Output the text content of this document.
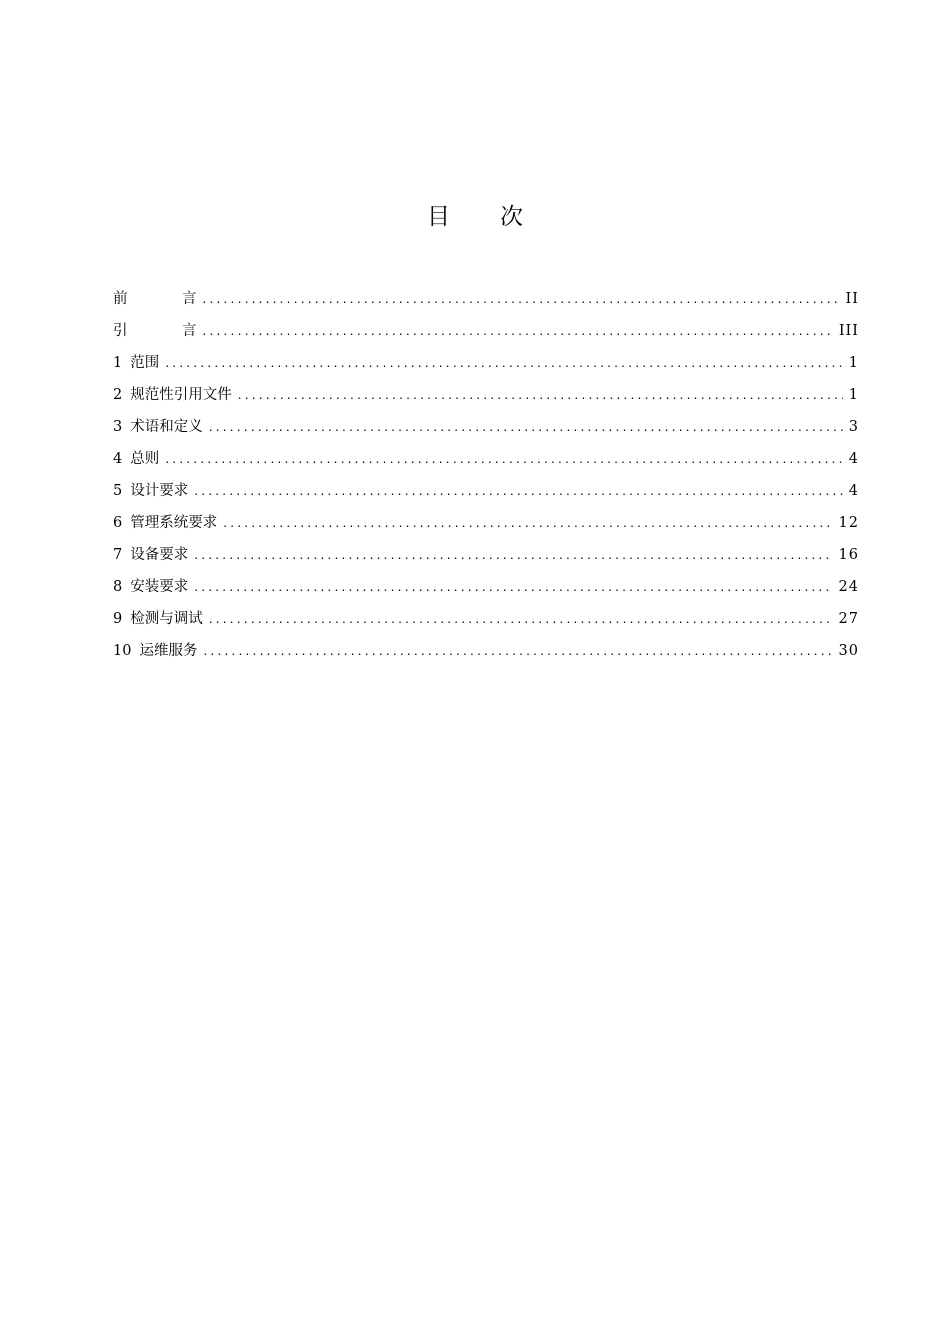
目 次
前	言 .....	II
引	言 .....	III
1 范围 .....	1
2 规范性引用文件 .....	1
3 术语和定义 .....	3
4 总则 .....	4
5 设计要求 .....	4
6 管理系统要求 .....	12
7 设备要求 .....	16
8 安装要求 .....	24
9 检测与调试 .....	27
10 运维服务 .....	30
